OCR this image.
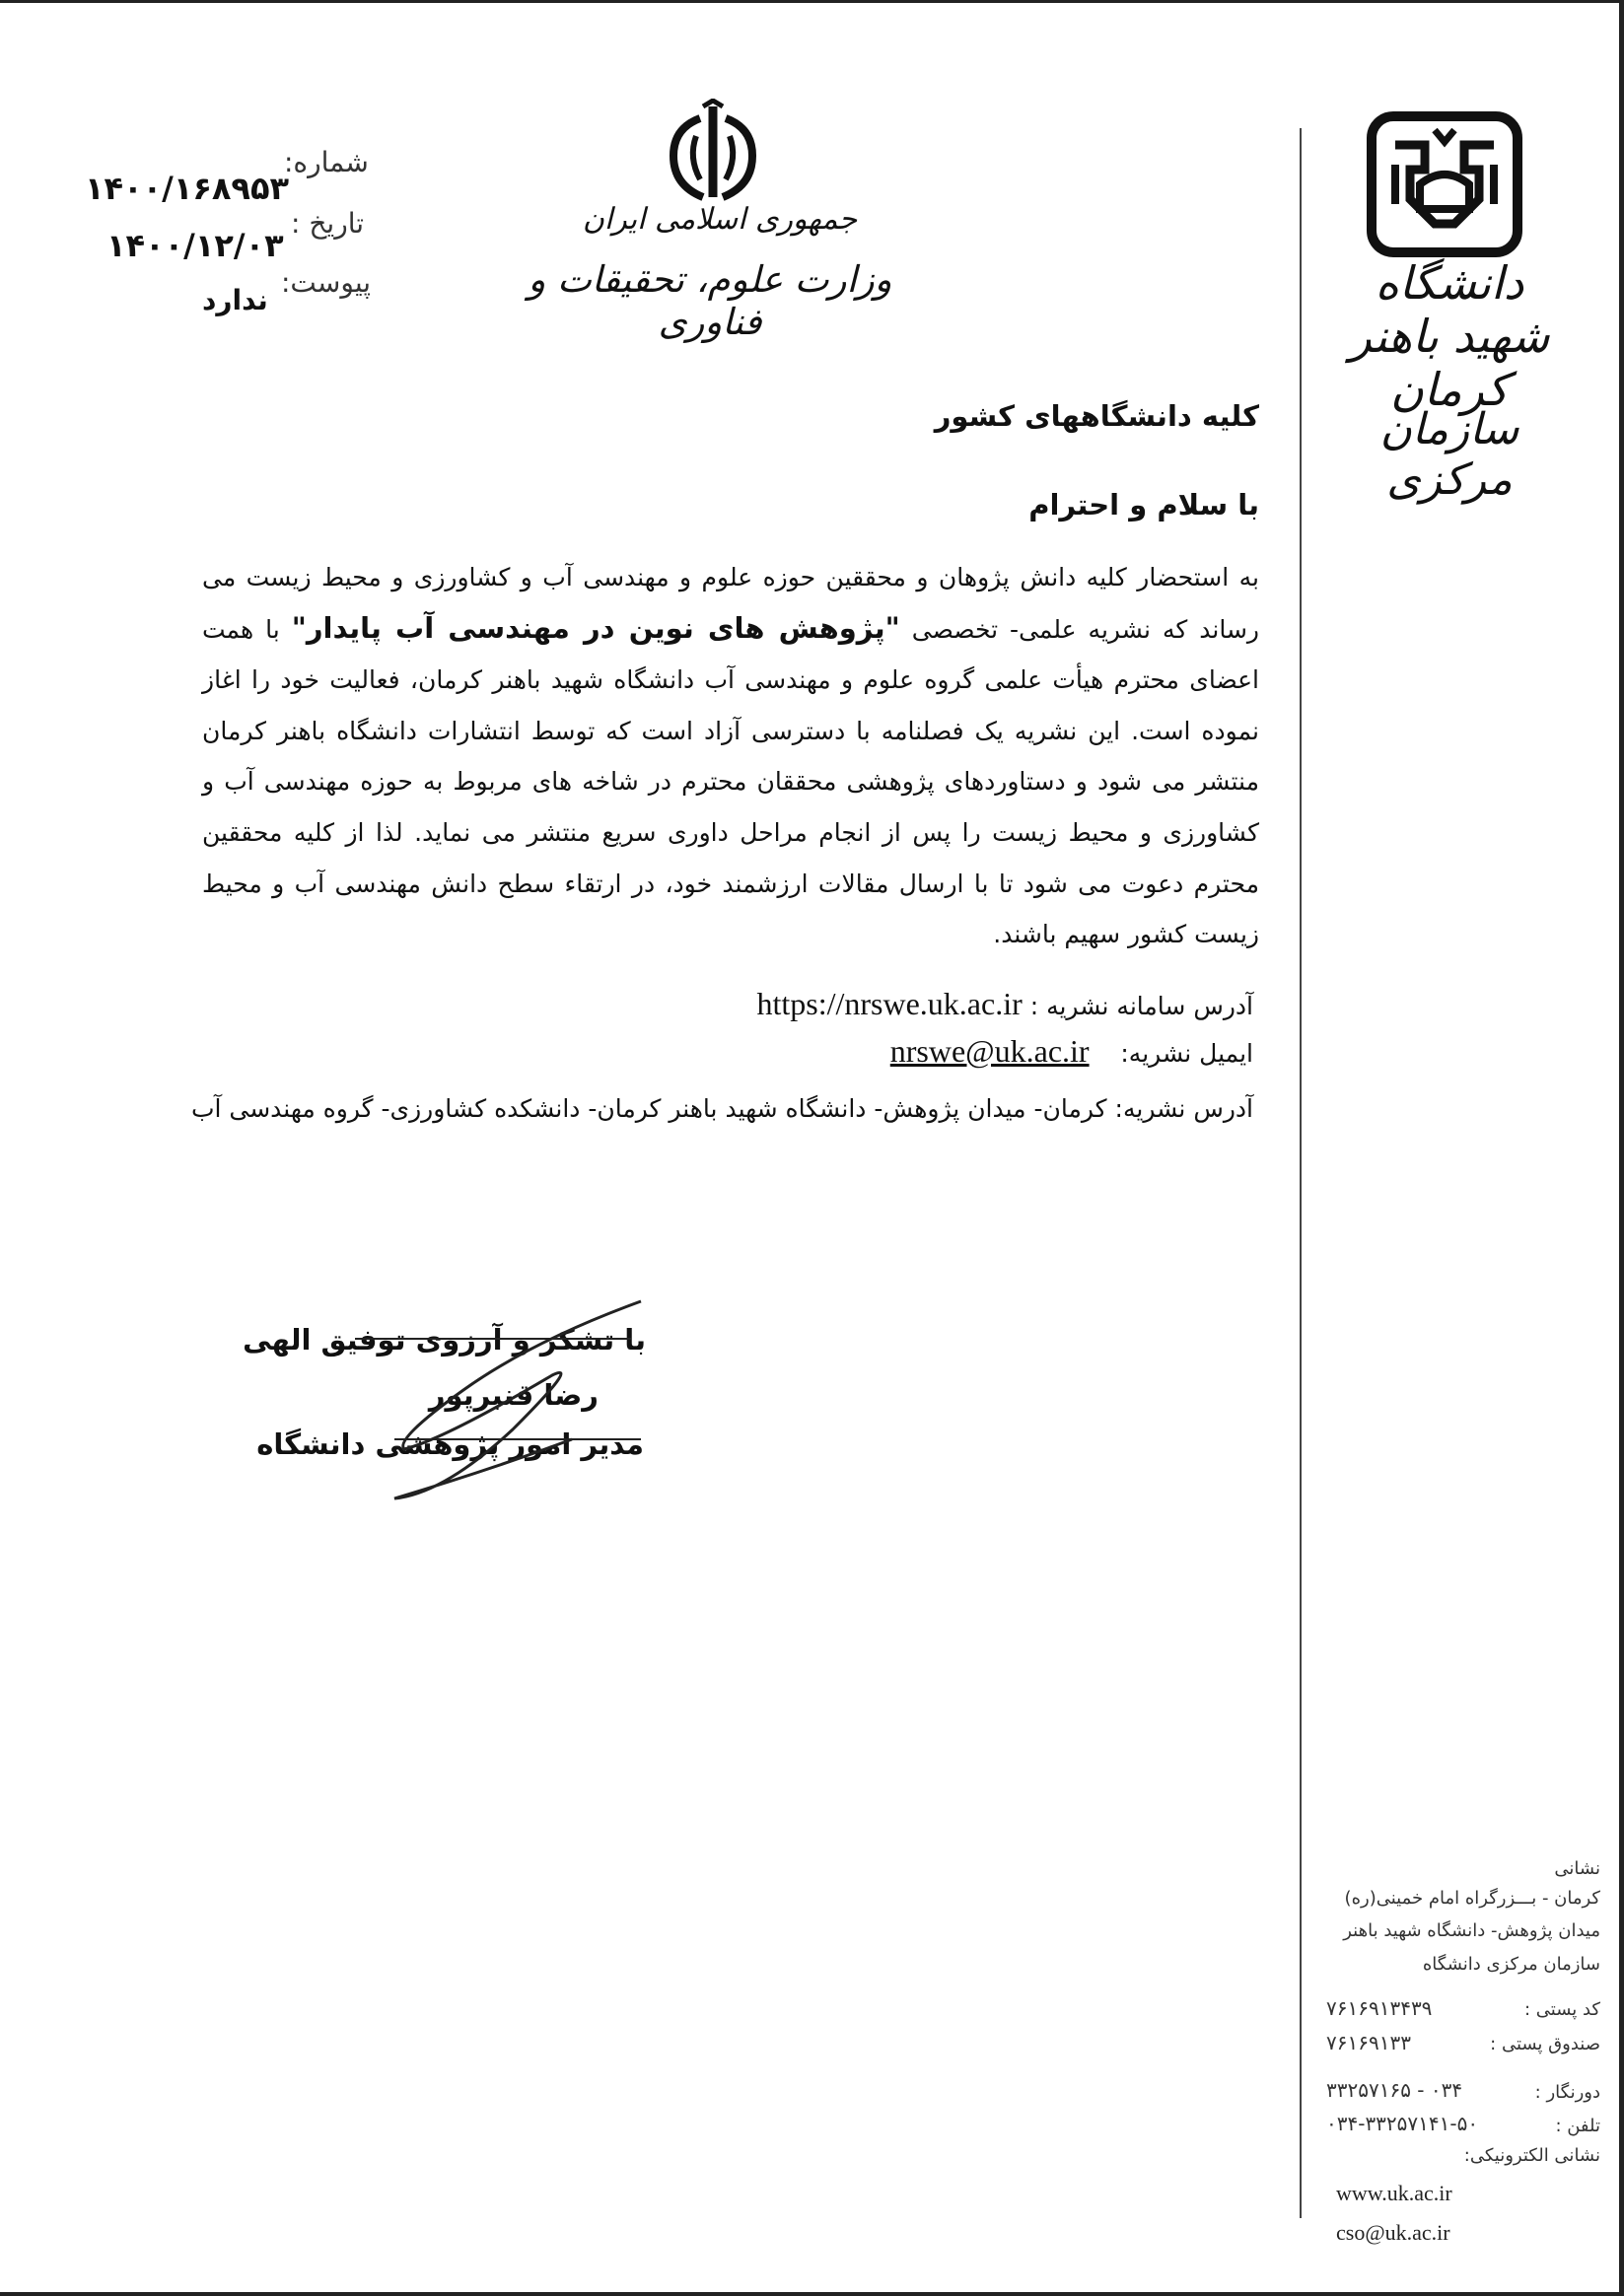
دانشگاه شهید باهنر کرمان
سازمان مرکزی
جمهوری اسلامی ایران
وزارت علوم، تحقیقات و فناوری
شماره:
۱۴۰۰/۱۶۸۹۵۳
تاریخ :
۱۴۰۰/۱۲/۰۳
پیوست:
ندارد
کلیه دانشگاههای کشور
با سلام و احترام
به استحضار کلیه دانش پژوهان و محققین حوزه علوم و مهندسی آب و کشاورزی و محیط زیست می رساند که نشریه علمی- تخصصی "پژوهش های نوین در مهندسی آب پایدار" با همت اعضای محترم هیأت علمی گروه علوم و مهندسی آب دانشگاه شهید باهنر کرمان، فعالیت خود را اغاز نموده است. این نشریه یک فصلنامه با دسترسی آزاد است که توسط انتشارات دانشگاه باهنر کرمان منتشر می شود و دستاوردهای پژوهشی محققان محترم در شاخه های مربوط به حوزه مهندسی آب و کشاورزی و محیط زیست را پس از انجام مراحل داوری سریع منتشر می نماید. لذا از کلیه محققین محترم دعوت می شود تا با ارسال مقالات ارزشمند خود، در ارتقاء سطح دانش مهندسی آب و محیط زیست کشور سهیم باشند.
آدرس سامانه نشریه : https://nrswe.uk.ac.ir
ایمیل نشریه:    nrswe@uk.ac.ir
آدرس نشریه: کرمان- میدان پژوهش- دانشگاه شهید باهنر کرمان- دانشکده کشاورزی- گروه مهندسی آب
با تشکر و آرزوی توفیق الهی
رضا قنبرپور
مدیر امور پژوهشی دانشگاه
نشانی
کرمان - بـــزرگراه امام خمینی(ره)
میدان پژوهش- دانشگاه شهید باهنر
سازمان مرکزی دانشگاه
کد پستی :
۷۶۱۶۹۱۳۴۳۹
صندوق پستی :
۷۶۱۶۹۱۳۳
دورنگار :
۰۳۴ - ۳۳۲۵۷۱۶۵
تلفن :
۰۳۴-۳۳۲۵۷۱۴۱-۵۰
نشانی الکترونیکی:
www.uk.ac.ir
cso@uk.ac.ir
